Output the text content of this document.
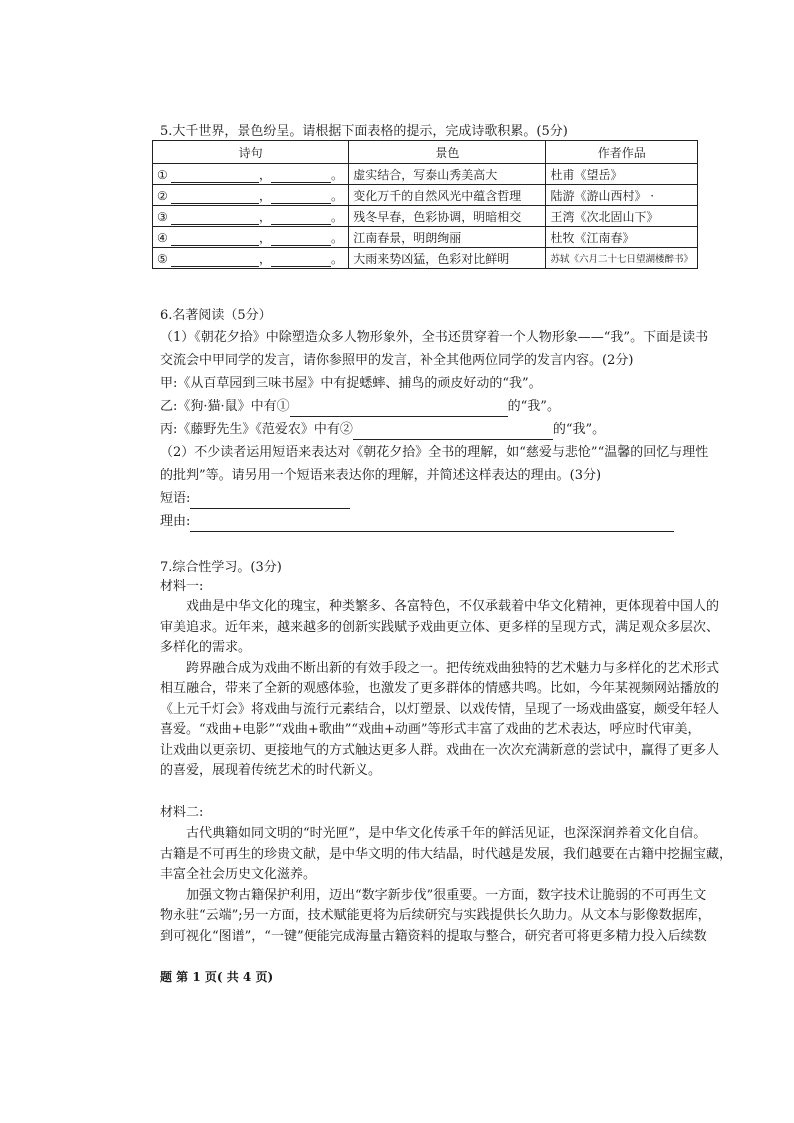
5.大千世界，景色纷呈。请根据下面表格的提示，完成诗歌积累。(5分)
诗句	景色	作者作品
① ， 。	虚实结合，写泰山秀美高大	杜甫《望岳》
② ， 。	变化万千的自然风光中蕴含哲理	陆游《游山西村》 ·
③ ， 。	残冬早春，色彩协调，明暗相交	王湾《次北固山下》
④ ， 。	江南春景，明朗绚丽	杜牧《江南春》
⑤ ， 。	大雨来势凶猛，色彩对比鲜明	苏轼《六月二十七日望湖楼醉书》
6.名著阅读（5分）
（1）《朝花夕拾》中除塑造众多人物形象外，全书还贯穿着一个人物形象——“我”。下面是读书
交流会中甲同学的发言，请你参照甲的发言，补全其他两位同学的发言内容。(2分)
甲:《从百草园到三味书屋》中有捉蟋蟀、捕鸟的顽皮好动的“我”。
乙:《狗·猫·鼠》中有①	的“我”。
丙:《藤野先生》《范爱农》中有②	的“我”。
（2）不少读者运用短语来表达对《朝花夕拾》全书的理解，如“慈爱与悲怆”“温馨的回忆与理性
的批判”等。请另用一个短语来表达你的理解，并简述这样表达的理由。(3分)
短语:
理由:
7.综合性学习。(3分)
材料一:
戏曲是中华文化的瑰宝，种类繁多、各富特色，不仅承载着中华文化精神，更体现着中国人的
审美追求。近年来，越来越多的创新实践赋予戏曲更立体、更多样的呈现方式，满足观众多层次、
多样化的需求。
跨界融合成为戏曲不断出新的有效手段之一。把传统戏曲独特的艺术魅力与多样化的艺术形式
相互融合，带来了全新的观感体验，也激发了更多群体的情感共鸣。比如，今年某视频网站播放的
《上元千灯会》将戏曲与流行元素结合，以灯塑景、以戏传情，呈现了一场戏曲盛宴，颇受年轻人
喜爱。“戏曲+电影”“戏曲+歌曲”“戏曲+动画”等形式丰富了戏曲的艺术表达，呼应时代审美，
让戏曲以更亲切、更接地气的方式触达更多人群。戏曲在一次次充满新意的尝试中，赢得了更多人
的喜爱，展现着传统艺术的时代新义。
材料二:
古代典籍如同文明的“时光匣”，是中华文化传承千年的鲜活见证，也深深润养着文化自信。
古籍是不可再生的珍贵文献，是中华文明的伟大结晶，时代越是发展，我们越要在古籍中挖掘宝藏，
丰富全社会历史文化滋养。
加强文物古籍保护利用，迈出“数字新步伐”很重要。一方面，数字技术让脆弱的不可再生文
物永驻“云端”;另一方面，技术赋能更将为后续研究与实践提供长久助力。从文本与影像数据库，
到可视化“图谱”，“一键”便能完成海量古籍资料的提取与整合，研究者可将更多精力投入后续数
题 第 1 页( 共 4 页)
